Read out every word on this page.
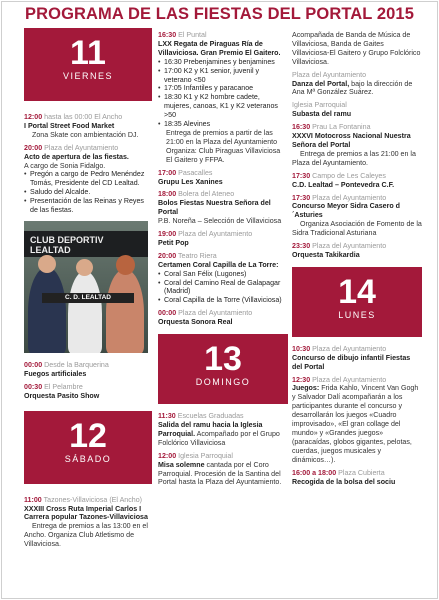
PROGRAMA DE LAS FIESTAS DEL PORTAL 2015
11
VIERNES
12:00 hasta las 00:00 El Ancho
I Portal Street Food Market
Zona Skate con ambientación DJ.
20:00 Plaza del Ayuntamiento
Acto de apertura de las fiestas.
A cargo de Sonia Fidalgo.
• Pregón a cargo de Pedro Menéndez Tomás, Presidente del CD Lealtad.
• Saludo del Alcalde.
• Presentación de las Reinas y Reyes de las fiestas.
CLUB DEPORTIV
LEALTAD
C. D. LEALTAD
00:00 Desde la Barquerina
Fuegos artificiales
00:30 El Pelambre
Orquesta Pasito Show
12
SÁBADO
11:00 Tazones-Villaviciosa (El Ancho)
XXXIII Cross Ruta Imperial Carlos I Carrera popular Tazones-Villaviciosa
Entrega de premios a las 13:00 en el Ancho. Organiza Club Atletismo de Villaviciosa.
16:30 El Puntal
LXX Regata de Piraguas Ría de Villaviciosa. Gran Premio El Gaitero.
• 16:30 Prebenjamines y benjamines
• 17:00 K2 y K1 senior, juvenil y veterano <50
• 17:05 Infantiles y paracanoe
• 18:30 K1 y K2 hombre cadete, mujeres, canoas, K1 y K2 veteranos >50
• 18:35 Alevines
Entrega de premios a partir de las 21:00 en la Plaza del Ayuntamiento Organiza: Club Piraguas Villaviciosa El Gaitero y FFPA.
17:00 Pasacalles
Grupu Les Xanines
18:00 Bolera del Ateneo
Bolos Fiestas Nuestra Señora del Portal
P.B. Noreña – Selección de Villaviciosa
19:00 Plaza del Ayuntamiento
Petit Pop
20:00 Teatro Riera
Certamen Coral Capilla de La Torre:
• Coral San Félix (Lugones)
• Coral del Camino Real de Galapagar (Madrid)
• Coral Capilla de la Torre (Villaviciosa)
00:00 Plaza del Ayuntamiento
Orquesta Sonora Real
13
DOMINGO
11:30 Escuelas Graduadas
Salida del ramu hacia la Iglesia Parroquial. Acompañado por el Grupo Folclórico Villaviciosa
12:00 Iglesia Parroquial
Misa solemne cantada por el Coro Parroquial. Procesión de la Santina del Portal hasta la Plaza del Ayuntamiento.
Acompañada de Banda de Música de Villaviciosa, Banda de Gaites Villaviciosa-El Gaitero y Grupo Folclórico Villaviciosa.
Plaza del Ayuntamiento
Danza del Portal, bajo la dirección de Ana Mª González Suárez.
Iglesia Parroquial
Subasta del ramu
16:30 Prau La Fontanina
XXXVI Motocross Nacional Nuestra Señora del Portal
Entrega de premios a las 21:00 en la Plaza del Ayuntamiento.
17:30 Campo de Les Caleyes
C.D. Lealtad – Pontevedra C.F.
17:30 Plaza del Ayuntamiento
Concurso Meyor Sidra Casero d´Asturies
Organiza Asociación de Fomento de la Sidra Tradicional Asturiana
23:30 Plaza del Ayuntamiento
Orquesta Takikardia
14
LUNES
10:30 Plaza del Ayuntamiento
Concurso de dibujo infantil Fiestas del Portal
12:30 Plaza del Ayuntamiento
Juegos: Frida Kahlo, Vincent Van Gogh y Salvador Dalí acompañarán a los participantes durante el concurso y desarrollarán los juegos «Cuadro improvisado», «El gran collage del mundo» y «Grandes juegos» (paracaídas, globos gigantes, pelotas, cuerdas, juegos musicales y dinámicos…).
16:00 a 18:00 Plaza Cubierta
Recogida de la bolsa del sociu
